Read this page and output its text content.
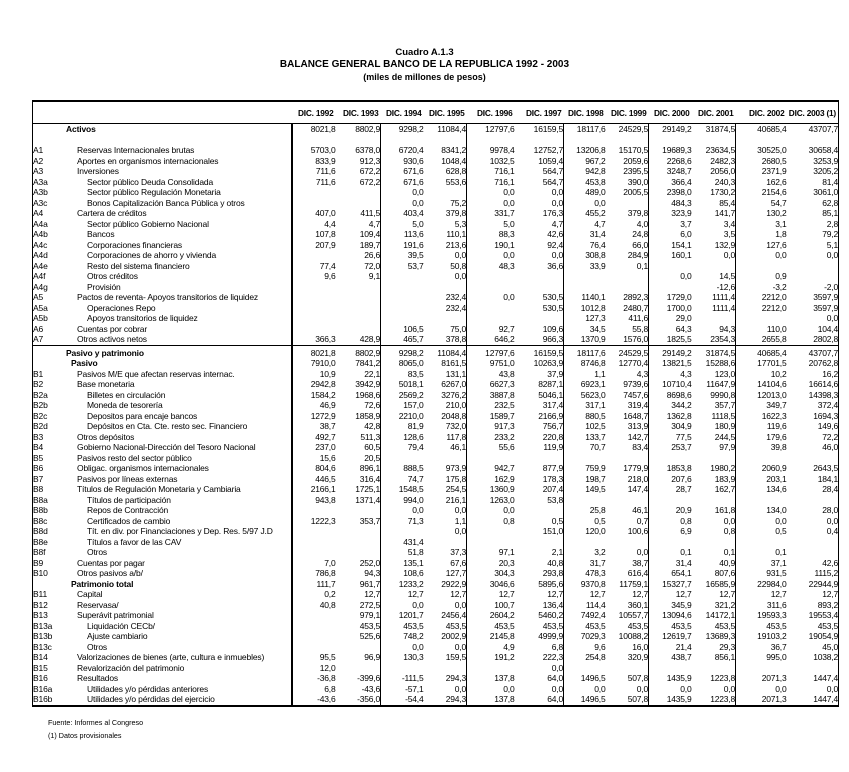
Cuadro A.1.3
BALANCE GENERAL BANCO DE LA REPUBLICA 1992 - 2003
(miles de millones de pesos)
	DIC. 1992	DIC. 1993	DIC. 1994	DIC. 1995	DIC. 1996	DIC. 1997	DIC. 1998	DIC. 1999	DIC. 2000	DIC. 2001	DIC. 2002	DIC. 2003 (1)
Activos	8021,8	8802,9	9298,2	11084,4	12797,6	16159,5	18117,6	24529,5	29149,2	31874,5	40685,4	43707,7

A1 Reservas Internacionales brutas	5703,0	6378,0	6720,4	8341,2	9978,4	12752,7	13206,8	15170,5	19689,3	23634,5	30525,0	30658,4
A2 Aportes en organismos internacionales	833,9	912,3	930,6	1048,4	1032,5	1059,4	967,2	2059,6	2268,6	2482,3	2680,5	3253,9
A3 Inversiones	711,6	672,2	671,6	628,8	716,1	564,7	942,8	2395,5	3248,7	2056,0	2371,9	3205,2
A3a Sector público Deuda Consolidada	711,6	672,2	671,6	553,6	716,1	564,7	453,8	390,0	366,4	240,3	162,6	81,4
A3b Sector público Regulación Monetaria			0,0		0,0	0,0	489,0	2005,5	2398,0	1730,2	2154,6	3061,0
A3c Bonos Capitalización Banca Pública y otros			0,0	75,2	0,0	0,0	0,0		484,3	85,4	54,7	62,8
A4 Cartera de créditos	407,0	411,5	403,4	379,8	331,7	176,3	455,2	379,8	323,9	141,7	130,2	85,1
A4a Sector público Gobierno Nacional	4,4	4,7	5,0	5,3	5,0	4,7	4,7	4,0	3,7	3,4	3,1	2,8
A4b Bancos	107,8	109,4	113,6	110,1	88,3	42,6	31,4	24,8	6,0	3,5	1,8	79,2
A4c Corporaciones financieras	207,9	189,7	191,6	213,6	190,1	92,4	76,4	66,0	154,1	132,9	127,6	5,1
A4d Corporaciones de ahorro y vivienda		26,6	39,5	0,0	0,0	0,0	308,8	284,9	160,1	0,0	0,0	0,0
A4e Resto del sistema financiero	77,4	72,0	53,7	50,8	48,3	36,6	33,9	0,1				
A4f Otros créditos	9,6	9,1		0,0					0,0	14,5	0,9	
A4g Provisión										-12,6	-3,2	-2,0
A5 Pactos de reventa- Apoyos transitorios de liquidez				232,4	0,0	530,5	1140,1	2892,3	1729,0	1111,4	2212,0	3597,9
A5a Operaciones Repo				232,4		530,5	1012,8	2480,7	1700,0	1111,4	2212,0	3597,9
A5b Apoyos transitorios de liquidez							127,3	411,6	29,0			0,0
A6 Cuentas por cobrar			106,5	75,0	92,7	109,6	34,5	55,8	64,3	94,3	110,0	104,4
A7 Otros activos netos	366,3	428,9	465,7	378,8	646,2	966,3	1370,9	1576,0	1825,5	2354,3	2655,8	2802,8
Pasivo y patrimonio	8021,8	8802,9	9298,2	11084,4	12797,6	16159,5	18117,6	24529,5	29149,2	31874,5	40685,4	43707,7
Pasivo	7910,0	7841,2	8065,0	8161,5	9751,0	10263,9	8746,8	12770,4	13821,5	15288,6	17701,5	20762,8
B1 Pasivos M/E que afectan reservas internac.	10,9	22,1	83,5	131,1	43,8	37,9	1,1	4,3	4,3	123,0	10,2	16,2
B2 Base monetaria	2942,8	3942,9	5018,1	6267,0	6627,3	8287,1	6923,1	9739,6	10710,4	11647,9	14104,6	16614,6
B2a Billetes en circulación	1584,2	1968,6	2569,2	3276,2	3887,8	5046,1	5623,0	7457,6	8698,6	9990,8	12013,0	14398,3
B2b Moneda de tesorería	46,9	72,6	157,0	210,0	232,5	317,4	317,1	319,4	344,2	357,7	349,7	372,4
B2c Depositos para encaje bancos	1272,9	1858,9	2210,0	2048,8	1589,7	2166,9	880,5	1648,7	1362,8	1118,5	1622,3	1694,3
B2d Depósitos en Cta. Cte. resto sec. Financiero	38,7	42,8	81,9	732,0	917,3	756,7	102,5	313,9	304,9	180,9	119,6	149,6
B3 Otros depósitos	492,7	511,3	128,6	117,8	233,2	220,8	133,7	142,7	77,5	244,5	179,6	72,2
B4 Gobierno Nacional-Dirección del Tesoro Nacional	237,0	60,5	79,4	46,1	55,6	119,9	70,7	83,4	253,7	97,9	39,8	46,0
B5 Pasivos resto del sector público	15,6	20,5										
B6 Obligac. organismos internacionales	804,6	896,1	888,5	973,9	942,7	877,9	759,9	1779,9	1853,8	1980,2	2060,9	2643,5
B7 Pasivos por líneas externas	446,5	316,4	74,7	175,8	162,9	178,3	198,7	218,0	207,6	183,9	203,1	184,1
B8 Títulos de Regulación Monetaria y Cambiaria	2166,1	1725,1	1548,5	254,5	1360,9	207,4	149,5	147,4	28,7	162,7	134,6	28,4
B8a Títulos de participación	943,8	1371,4	994,0	216,1	1263,0	53,8						
B8b Repos de Contracción			0,0	0,0	0,0		25,8	46,1	20,9	161,8	134,0	28,0
B8c Certificados de cambio	1222,3	353,7	71,3	1,1	0,8	0,5	0,5	0,7	0,8	0,0	0,0	0,0
B8d Tít. en div. por Financiaciones y Dep. Res. 5/97 J.D				0,0		151,0	120,0	100,6	6,9	0,8	0,5	0,4
B8e Títulos a favor de las CAV			431,4									
B8f Otros			51,8	37,3	97,1	2,1	3,2	0,0	0,1	0,1	0,1	
B9 Cuentas por pagar	7,0	252,0	135,1	67,6	20,3	40,8	31,7	38,7	31,4	40,9	37,1	42,6
B10 Otros pasivos a/b/	786,8	94,3	108,6	127,7	304,3	293,8	478,3	616,4	654,1	807,6	931,5	1115,2
Patrimonio total	111,7	961,7	1233,2	2922,9	3046,6	5895,6	9370,8	11759,1	15327,7	16585,9	22984,0	22944,9
B11 Capital	0,2	12,7	12,7	12,7	12,7	12,7	12,7	12,7	12,7	12,7	12,7	12,7
B12 Reservasa/	40,8	272,5	0,0	0,0	100,7	136,4	114,4	360,1	345,9	321,2	311,6	893,2
B13 Superávit patrimonial		979,1	1201,7	2456,4	2604,2	5460,2	7492,4	10557,7	13094,6	14172,1	19593,3	19553,4
B13a Liquidación CECb/		453,5	453,5	453,5	453,5	453,5	453,5	453,5	453,5	453,5	453,5	453,5
B13b Ajuste cambiario		525,6	748,2	2002,9	2145,8	4999,9	7029,3	10088,2	12619,7	13689,3	19103,2	19054,9
B13c Otros			0,0	0,0	4,9	6,8	9,6	16,0	21,4	29,3	36,7	45,0
B14 Valorizaciones de bienes (arte, cultura e inmuebles)	95,5	96,9	130,3	159,5	191,2	222,3	254,8	320,9	438,7	856,1	995,0	1038,2
B15 Revalorización del patrimonio	12,0					0,0						
B16 Resultados	-36,8	-399,6	-111,5	294,3	137,8	64,0	1496,5	507,8	1435,9	1223,8	2071,3	1447,4
B16a Utilidades y/o pérdidas anteriores	6,8	-43,6	-57,1	0,0	0,0	0,0	0,0	0,0	0,0	0,0	0,0	0,0
B16b Utilidades y/o pérdidas del ejercicio	-43,6	-356,0	-54,4	294,3	137,8	64,0	1496,5	507,8	1435,9	1223,8	2071,3	1447,4
Fuente: Informes al Congreso
(1) Datos provisionales
